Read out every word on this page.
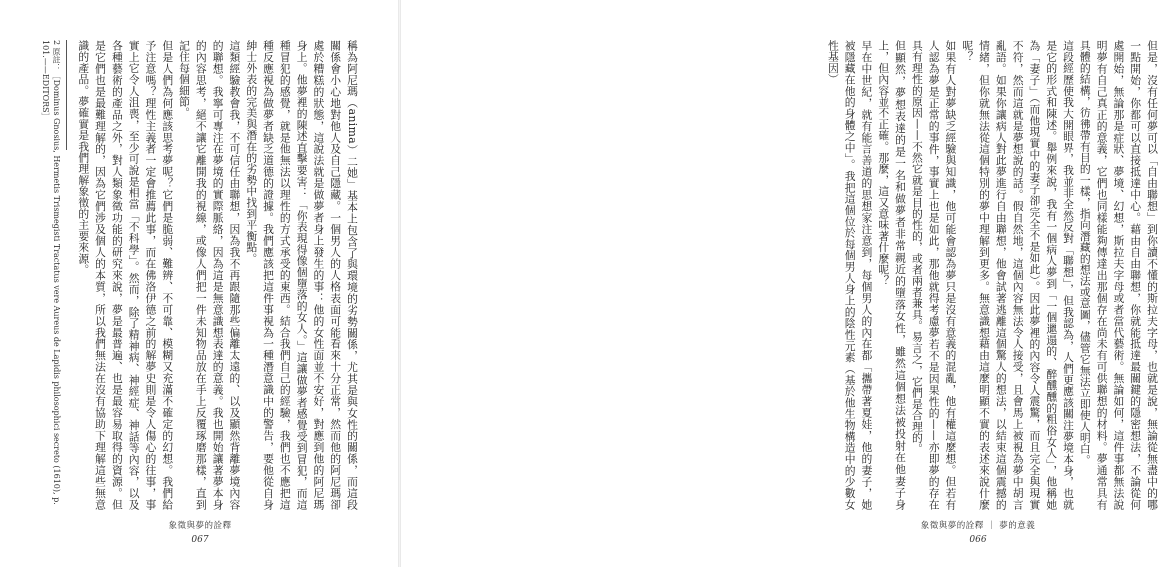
2 原註：［Dominus Gnosius, Hermetis Trismegisti Tractatus vere Aureus de Lapidis philosophici secreto (1610), p. 101.——EDITORS］	稱為阿尼瑪（anima）二她」基本上包含了與環境的劣勢關係，尤其是與女性的關係，而這段關係會小心地對他人及自己隱藏。一個男人的人格表面可能看來十分正常，然而他的阿尼瑪卻處於糟糕的狀態，這說法就是做夢者身上發生的事：他的女性面並不安好，對應到他的阿尼瑪身上。他夢裡的陳述直擊要害：「你表現得像個墮落的女人。」這讓做夢者感覺受到冒犯，而這種冒犯的感覺，就是他無法以理性的方式承受的東西。結合我們自己的經驗，我們也不應把這種反應視為做夢者缺乏道德的證據。我們應該把這件事視為一種潛意識中的警告，要他從自身紳士外表的完美與潛在的劣勢中找到平衡點。
這類經驗教會我，不可信任由聯想，因為我不再跟隨那些偏離太遠的、以及顯然背離夢境內容的聯想。我寧可專注在夢境的實際脈絡，因為這是無意識想表達的意義。我也開始讓著夢本身的內容思考，絕不讓它離開我的視線，或像人們把一件未知物品放在手上反覆琢磨那樣，直到記住每個細節。
但是人們為何應該思考夢呢？它們是脆弱、難辨、不可靠、模糊又充滿不確定的幻想。我們給予注意嗎？理性主義者一定會推薦此事，而在佛洛伊德之前的解夢史則是令人傷心的往事，事實上它令人沮喪，至少可說是相當「不科學」。然而，除了精神病、神經症、神話等內容，以及各種藝術的產品之外，對人類象徵功能的研究來說，夢是最普遍、也是最容易取得的資源。但是它們也是最難理解的，因為它們涉及個人的本質，所以我們無法在沒有協助下理解這些無意識的產品。夢確實是我們理解象徵的主要來源。
象徵與夢的詮釋
067
但是，沒有任何夢可以「自由聯想」到你讀不懂的斯拉夫字母，也就是說，無論從無盡中的哪一點開始，你都可以直接抵達中心。藉由自由聯想，你就能抵達最關鍵的隱密想法，不論從何處開始，無論那是症狀、夢境、幻想，斯拉夫字母或者當代藝術。無論如何，這件事都無法說明夢有自己真正的意義，它們也同樣能夠傳達出那個存在尚未有可供聯想的材料。夢通常具有具體的結構，彷彿帶有目的一樣，指向潛藏的想法或意圖，儘管它無法立即使人明白。
這段經歷使我大開眼界，我並非全然反對「聯想」，但我認為，人們更應該關注夢境本身，也就是它的形式和陳述。舉例來說，我有一個病人夢到「一個邋遢的、醉醺醺的粗俗女人」，他稱她為「妻子」（而他現實中的妻子卻完全不是如此）。因此夢裡的內容令人震驚，而且完全與現實不符，然而這就是夢想說的話。假自然地，這個內容無法令人接受，且會馬上被視為夢中胡言亂語。如果你讓病人對此夢進行自由聯想，他會試著逃離這個驚人的想法，以結束這個震撼的情緒，但你就無法從這個特別的夢中理解到更多。無意識想藉由這麼明顯不實的表述來說什麼呢？
如果有人對夢缺乏經驗與知識，他可能會認為夢只是沒有意義的混亂，他有權這麼想。但若有人認為夢是正常的事件，事實上也是如此，那他就得考慮夢若不是因果性的——亦即夢的存在具有理性的原因——不然它就是目的性的，或者兩者兼具。易言之，它們是合理的。
但顯然，夢想表達的是一名和做夢者非常親近的墮落女性，雖然這個想法被投射在他妻子身上，但內容並不正確。那麼，這又意味著什麼呢？
早在中世紀，就有能言善道的思想家注意到，每個男人的內在都「攜帶著夏娃，他的妻子，她被隱藏在他的身體之中」。我把這個位於每個男人身上的陰性元素（基於他生物構造中的少數女性基因）
象徵與夢的詮釋 ｜ 夢的意義
066
